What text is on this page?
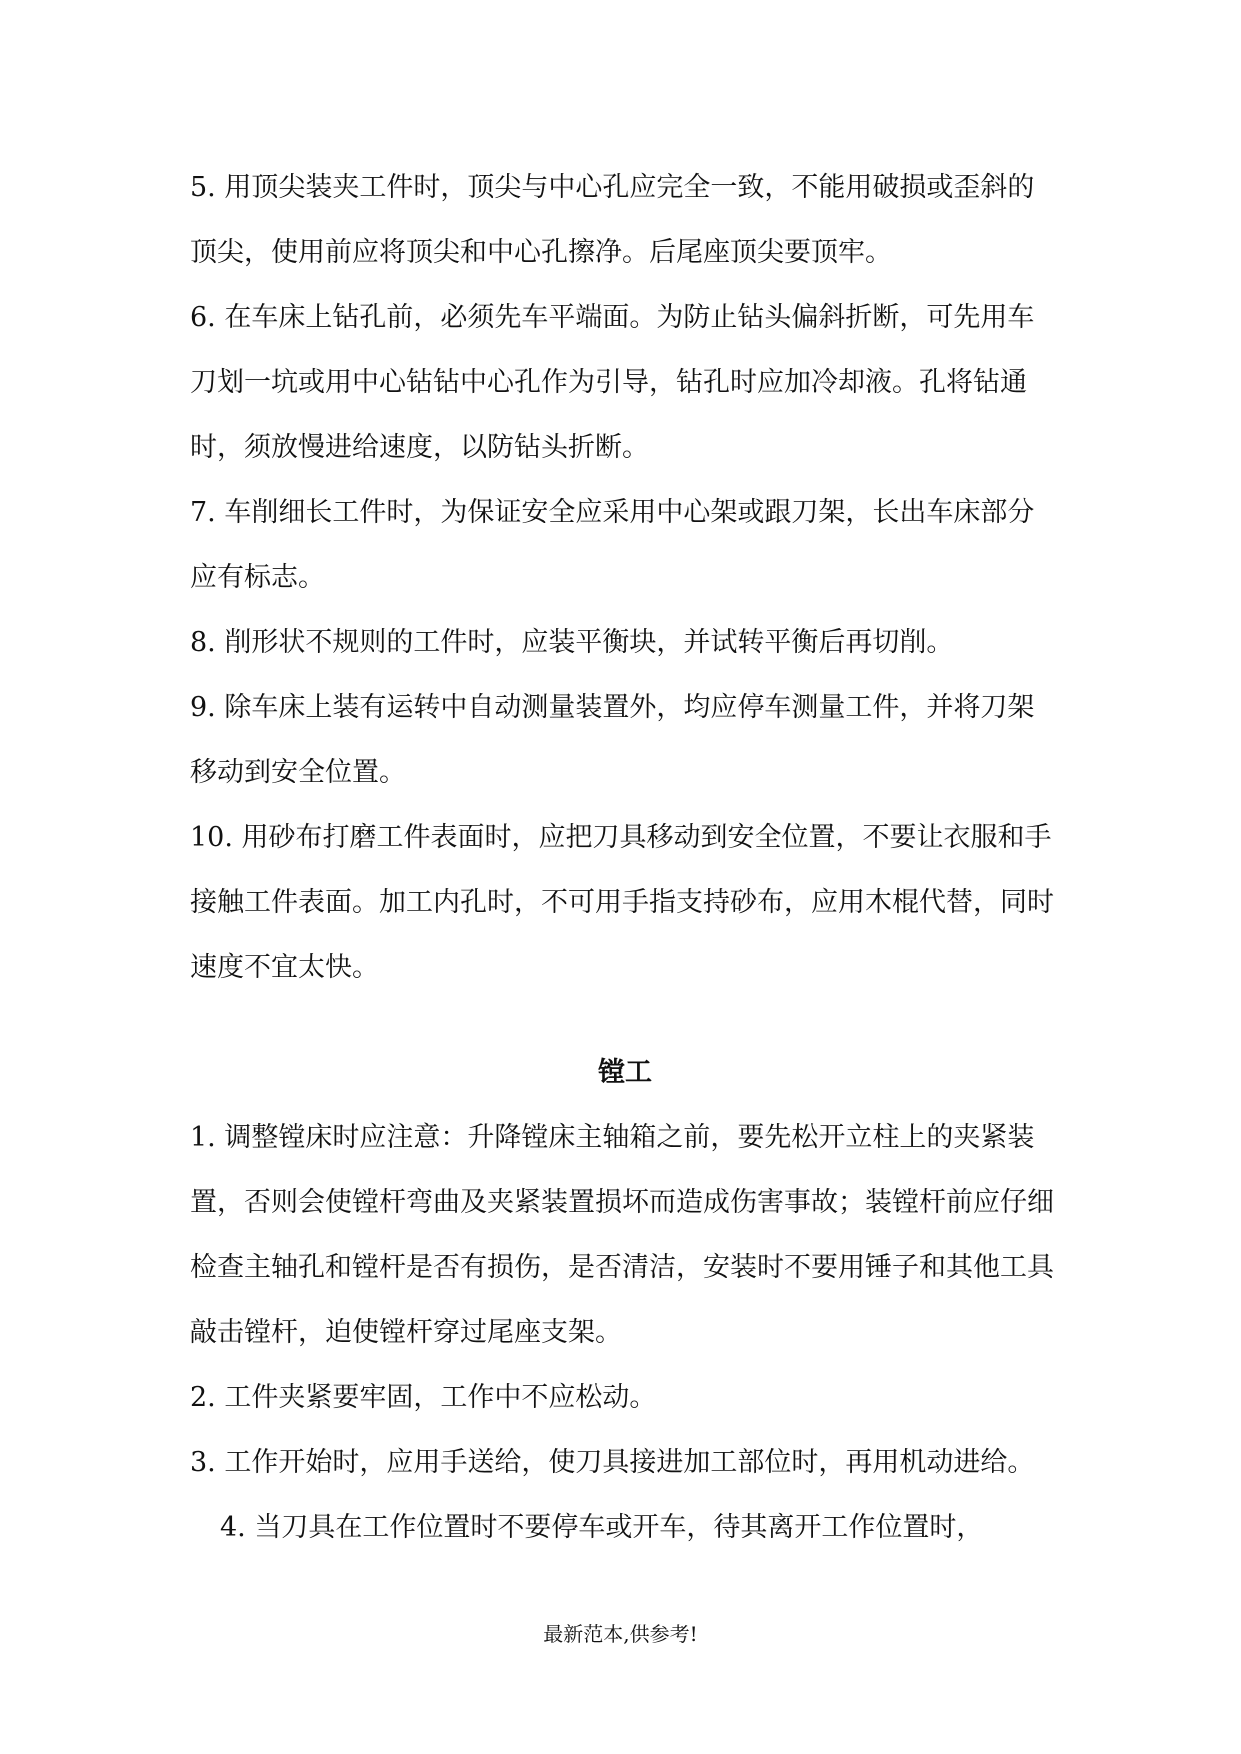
5. 用顶尖装夹工件时，顶尖与中心孔应完全一致，不能用破损或歪斜的顶尖，使用前应将顶尖和中心孔擦净。后尾座顶尖要顶牢。

6. 在车床上钻孔前，必须先车平端面。为防止钻头偏斜折断，可先用车刀划一坑或用中心钻钻中心孔作为引导，钻孔时应加冷却液。孔将钻通时，须放慢进给速度，以防钻头折断。

7. 车削细长工件时，为保证安全应采用中心架或跟刀架，长出车床部分应有标志。

8. 削形状不规则的工件时，应装平衡块，并试转平衡后再切削。

9. 除车床上装有运转中自动测量装置外，均应停车测量工件，并将刀架移动到安全位置。

10. 用砂布打磨工件表面时，应把刀具移动到安全位置，不要让衣服和手接触工件表面。加工内孔时，不可用手指支持砂布，应用木棍代替，同时速度不宜太快。

镗工

1. 调整镗床时应注意：升降镗床主轴箱之前，要先松开立柱上的夹紧装置，否则会使镗杆弯曲及夹紧装置损坏而造成伤害事故；装镗杆前应仔细检查主轴孔和镗杆是否有损伤，是否清洁，安装时不要用锤子和其他工具敲击镗杆，迫使镗杆穿过尾座支架。

2. 工件夹紧要牢固，工作中不应松动。

3. 工作开始时，应用手送给，使刀具接进加工部位时，再用机动进给。

4. 当刀具在工作位置时不要停车或开车，待其离开工作位置时，

最新范本,供参考!
